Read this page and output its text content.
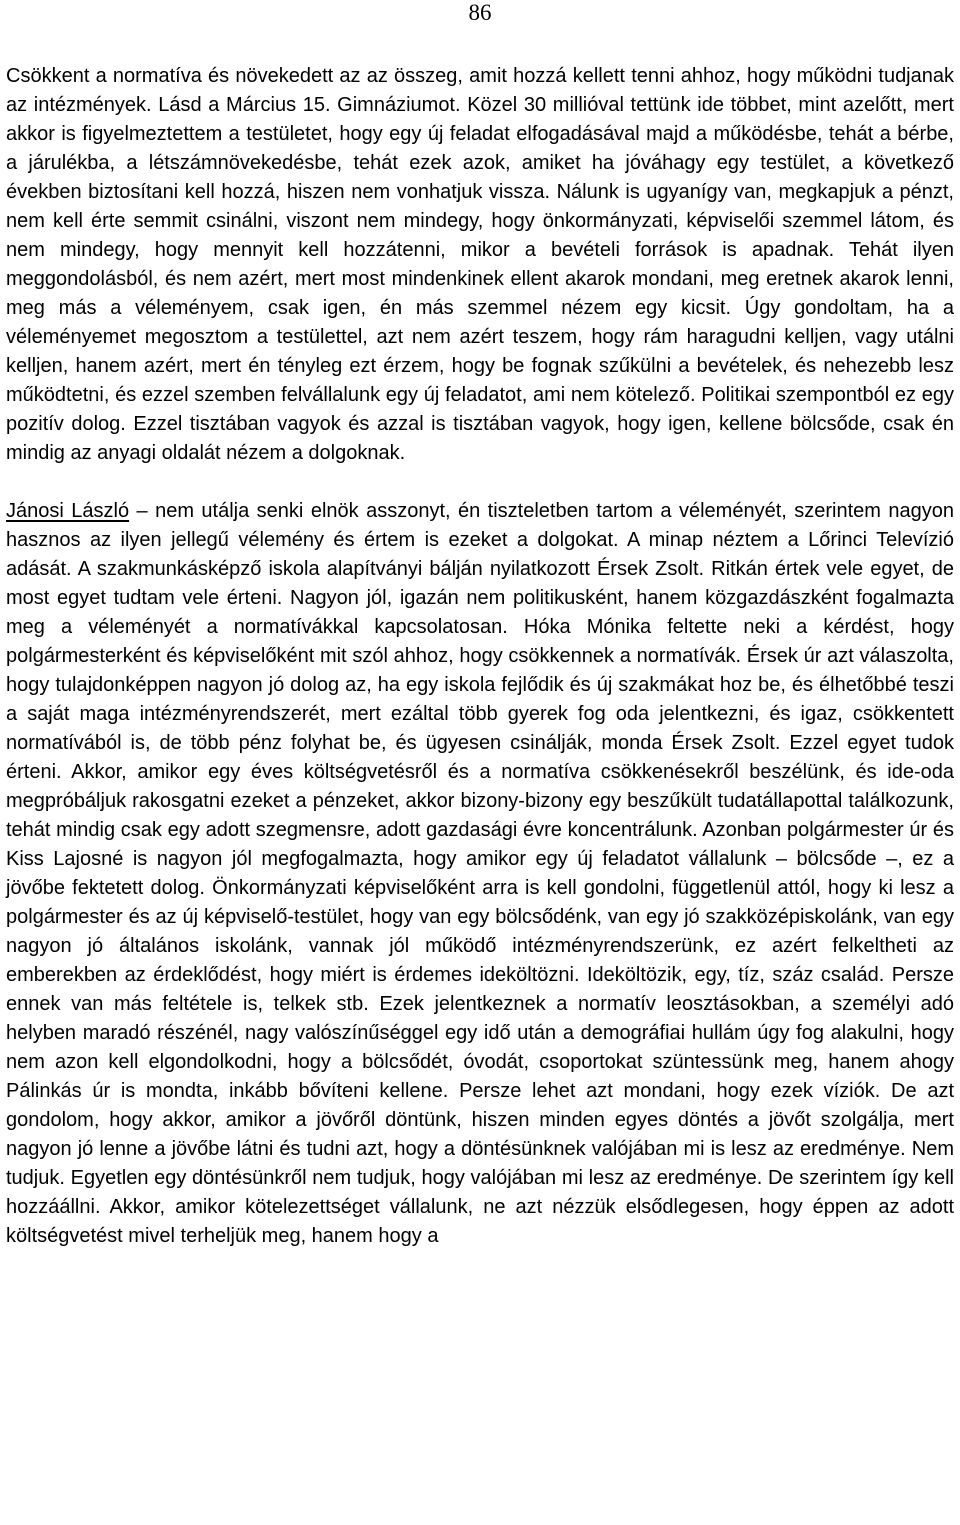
86

Csökkent a normatíva és növekedett az az összeg, amit hozzá kellett tenni ahhoz, hogy működni tudjanak az intézmények. Lásd a Március 15. Gimnáziumot. Közel 30 millióval tettünk ide többet, mint azelőtt, mert akkor is figyelmeztettem a testületet, hogy egy új feladat elfogadásával majd a működésbe, tehát a bérbe, a járulékba, a létszámnövekedésbe, tehát ezek azok, amiket ha jóváhagy egy testület, a következő években biztosítani kell hozzá, hiszen nem vonhatjuk vissza. Nálunk is ugyanígy van, megkapjuk a pénzt, nem kell érte semmit csinálni, viszont nem mindegy, hogy önkormányzati, képviselői szemmel látom, és nem mindegy, hogy mennyit kell hozzátenni, mikor a bevételi források is apadnak. Tehát ilyen meggondolásból, és nem azért, mert most mindenkinek ellent akarok mondani, meg eretnek akarok lenni, meg más a véleményem, csak igen, én más szemmel nézem egy kicsit. Úgy gondoltam, ha a véleményemet megosztom a testülettel, azt nem azért teszem, hogy rám haragudni kelljen, vagy utálni kelljen, hanem azért, mert én tényleg ezt érzem, hogy be fognak szűkülni a bevételek, és nehezebb lesz működtetni, és ezzel szemben felvállalunk egy új feladatot, ami nem kötelező. Politikai szempontból ez egy pozitív dolog. Ezzel tisztában vagyok és azzal is tisztában vagyok, hogy igen, kellene bölcsőde, csak én mindig az anyagi oldalát nézem a dolgoknak.

Jánosi László – nem utálja senki elnök asszonyt, én tiszteletben tartom a véleményét, szerintem nagyon hasznos az ilyen jellegű vélemény és értem is ezeket a dolgokat. A minap néztem a Lőrinci Televízió adását. A szakmunkásképző iskola alapítványi bálján nyilatkozott Érsek Zsolt. Ritkán értek vele egyet, de most egyet tudtam vele érteni. Nagyon jól, igazán nem politikusként, hanem közgazdászként fogalmazta meg a véleményét a normatívákkal kapcsolatosan. Hóka Mónika feltette neki a kérdést, hogy polgármesterként és képviselőként mit szól ahhoz, hogy csökkennek a normatívák. Érsek úr azt válaszolta, hogy tulajdonképpen nagyon jó dolog az, ha egy iskola fejlődik és új szakmákat hoz be, és élhetőbbé teszi a saját maga intézményrendszerét, mert ezáltal több gyerek fog oda jelentkezni, és igaz, csökkentett normatívából is, de több pénz folyhat be, és ügyesen csinálják, monda Érsek Zsolt. Ezzel egyet tudok érteni. Akkor, amikor egy éves költségvetésről és a normatíva csökkenésekről beszélünk, és ide-oda megpróbáljuk rakosgatni ezeket a pénzeket, akkor bizony-bizony egy beszűkült tudatállapottal találkozunk, tehát mindig csak egy adott szegmensre, adott gazdasági évre koncentrálunk. Azonban polgármester úr és Kiss Lajosné is nagyon jól megfogalmazta, hogy amikor egy új feladatot vállalunk – bölcsőde –, ez a jövőbe fektetett dolog. Önkormányzati képviselőként arra is kell gondolni, függetlenül attól, hogy ki lesz a polgármester és az új képviselő-testület, hogy van egy bölcsődénk, van egy jó szakközépiskolánk, van egy nagyon jó általános iskolánk, vannak jól működő intézményrendszerünk, ez azért felkeltheti az emberekben az érdeklődést, hogy miért is érdemes ideköltözni. Ideköltözik, egy, tíz, száz család. Persze ennek van más feltétele is, telkek stb. Ezek jelentkeznek a normatív leosztásokban, a személyi adó helyben maradó részénél, nagy valószínűséggel egy idő után a demográfiai hullám úgy fog alakulni, hogy nem azon kell elgondolkodni, hogy a bölcsődét, óvodát, csoportokat szüntessünk meg, hanem ahogy Pálinkás úr is mondta, inkább bővíteni kellene. Persze lehet azt mondani, hogy ezek víziók. De azt gondolom, hogy akkor, amikor a jövőről döntünk, hiszen minden egyes döntés a jövőt szolgálja, mert nagyon jó lenne a jövőbe látni és tudni azt, hogy a döntésünknek valójában mi is lesz az eredménye. Nem tudjuk. Egyetlen egy döntésünkről nem tudjuk, hogy valójában mi lesz az eredménye. De szerintem így kell hozzáállni. Akkor, amikor kötelezettséget vállalunk, ne azt nézzük elsődlegesen, hogy éppen az adott költségvetést mivel terheljük meg, hanem hogy a
